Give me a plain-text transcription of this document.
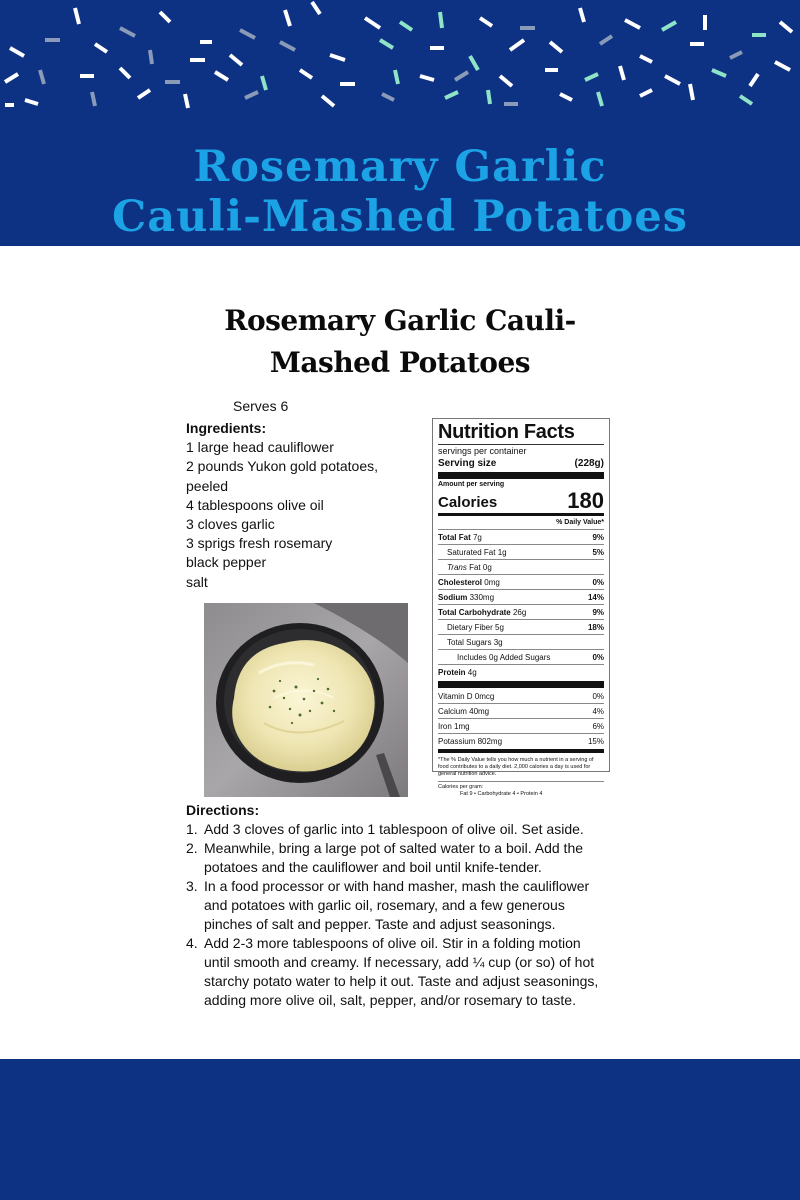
Rosemary Garlic
Cauli-Mashed Potatoes
Rosemary Garlic Cauli-
Mashed Potatoes
Serves 6
Ingredients:
1 large head cauliflower
2 pounds Yukon gold potatoes,
peeled
4 tablespoons olive oil
3 cloves garlic
3 sprigs fresh rosemary
black pepper
salt
Nutrition Facts
servings per container
Serving size	(228g)
Amount per serving
Calories	180
% Daily Value*
Total Fat 7g	9%
Saturated Fat 1g	5%
Trans Fat 0g
Cholesterol 0mg	0%
Sodium 330mg	14%
Total Carbohydrate 26g	9%
Dietary Fiber 5g	18%
Total Sugars 3g
Includes 0g Added Sugars	0%
Protein 4g
Vitamin D 0mcg	0%
Calcium 40mg	4%
Iron 1mg	6%
Potassium 802mg	15%
*The % Daily Value tells you how much a nutrient in a serving of food contributes to a daily diet. 2,000 calories a day is used for general nutrition advice.
Calories per gram:
Fat 9 • Carbohydrate 4 • Protein 4
Directions:
1. Add 3 cloves of garlic into 1 tablespoon of olive oil. Set aside.
2. Meanwhile, bring a large pot of salted water to a boil. Add the potatoes and the cauliflower and boil until knife-tender.
3. In a food processor or with hand masher, mash the cauliflower and potatoes with garlic oil, rosemary, and a few generous pinches of salt and pepper. Taste and adjust seasonings.
4. Add 2-3 more tablespoons of olive oil. Stir in a folding motion until smooth and creamy. If necessary, add ¼ cup (or so) of hot starchy potato water to help it out. Taste and adjust seasonings, adding more olive oil, salt, pepper, and/or rosemary to taste.
